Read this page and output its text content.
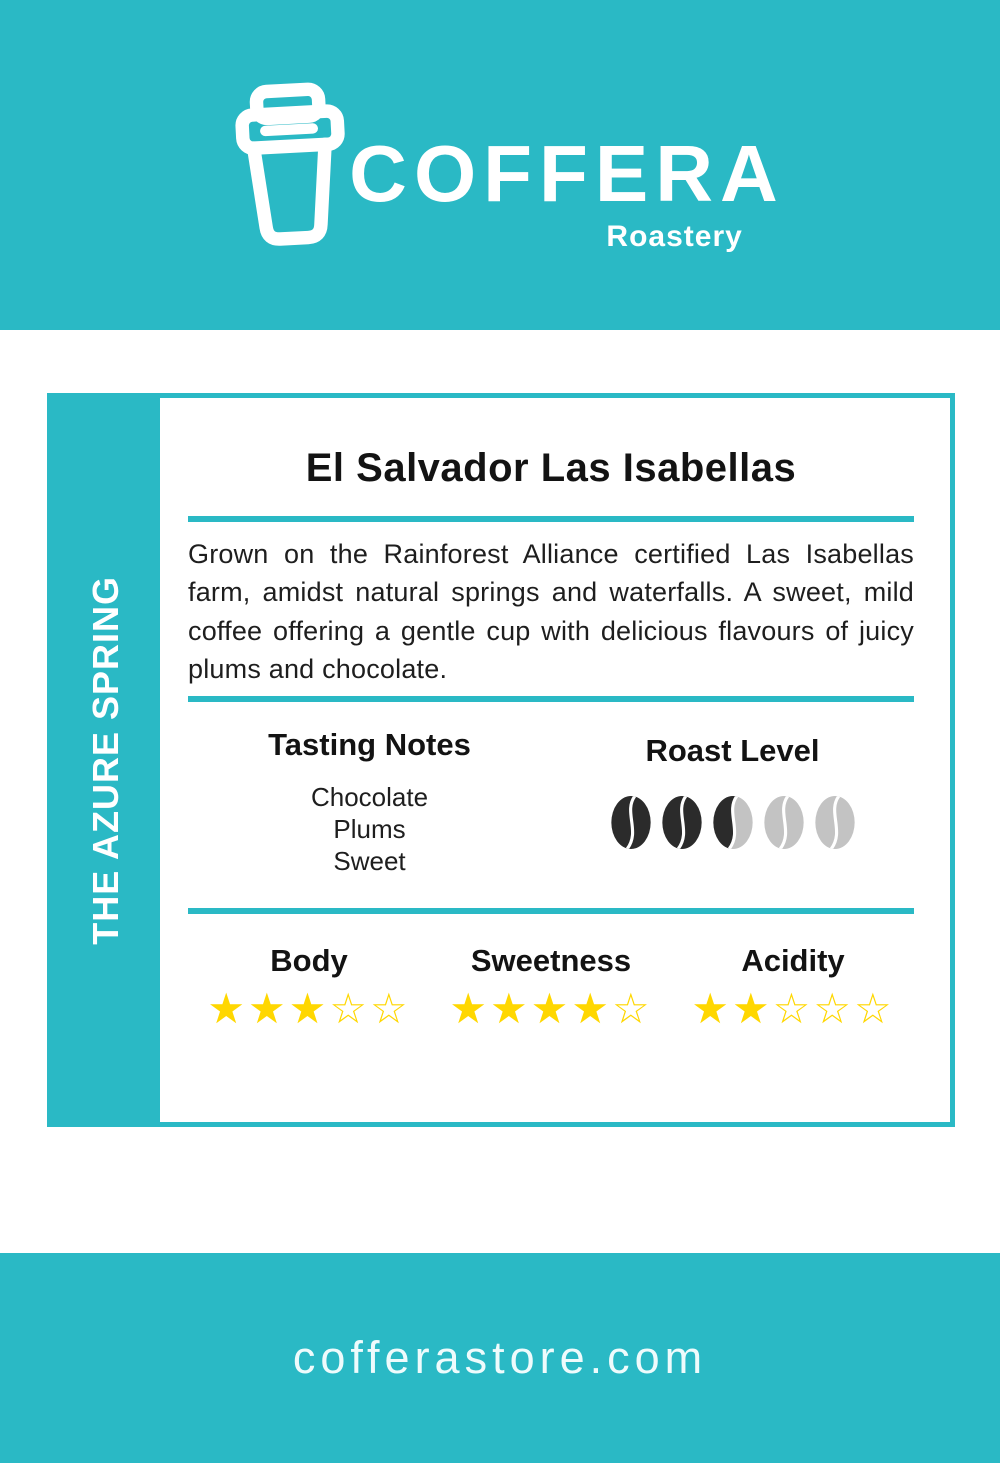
COFFERA
Roastery
THE AZURE SPRING
El Salvador Las Isabellas

Grown on the Rainforest Alliance certified Las Isabellas farm, amidst natural springs and waterfalls. A sweet, mild coffee offering a gentle cup with delicious flavours of juicy plums and chocolate.

Tasting Notes
Chocolate
Plums
Sweet
Roast Level
Body
★★★☆☆
Sweetness
★★★★☆
Acidity
★★☆☆☆
cofferastore.com
